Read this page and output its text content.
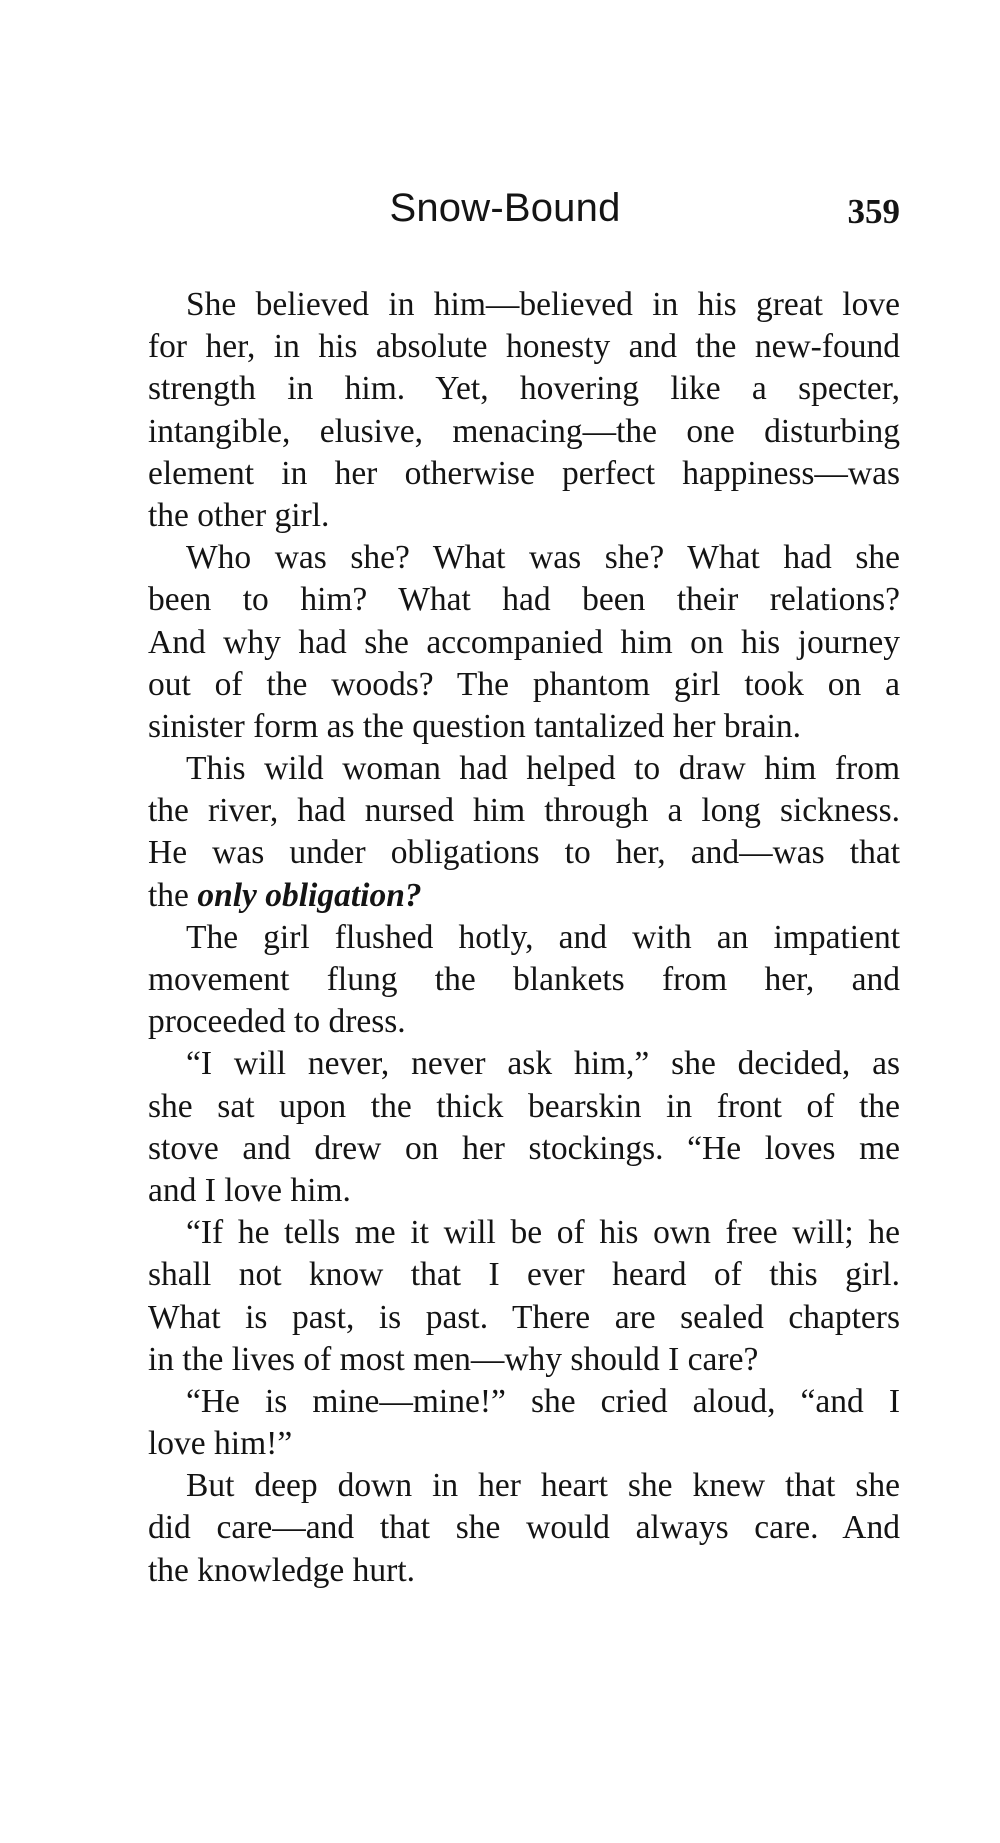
Snow-Bound	359
She believed in him—believed in his great love
for her, in his absolute honesty and the new-found
strength in him. Yet, hovering like a specter,
intangible, elusive, menacing—the one disturbing
element in her otherwise perfect happiness—was
the other girl.
Who was she? What was she? What had she
been to him? What had been their relations?
And why had she accompanied him on his journey
out of the woods? The phantom girl took on a
sinister form as the question tantalized her brain.
This wild woman had helped to draw him from
the river, had nursed him through a long sickness.
He was under obligations to her, and—was that
the only obligation?
The girl flushed hotly, and with an impatient
movement flung the blankets from her, and
proceeded to dress.
“I will never, never ask him,” she decided, as
she sat upon the thick bearskin in front of the
stove and drew on her stockings. “He loves me
and I love him.
“If he tells me it will be of his own free will; he
shall not know that I ever heard of this girl.
What is past, is past. There are sealed chapters
in the lives of most men—why should I care?
“He is mine—mine!” she cried aloud, “and I
love him!”
But deep down in her heart she knew that she
did care—and that she would always care. And
the knowledge hurt.
